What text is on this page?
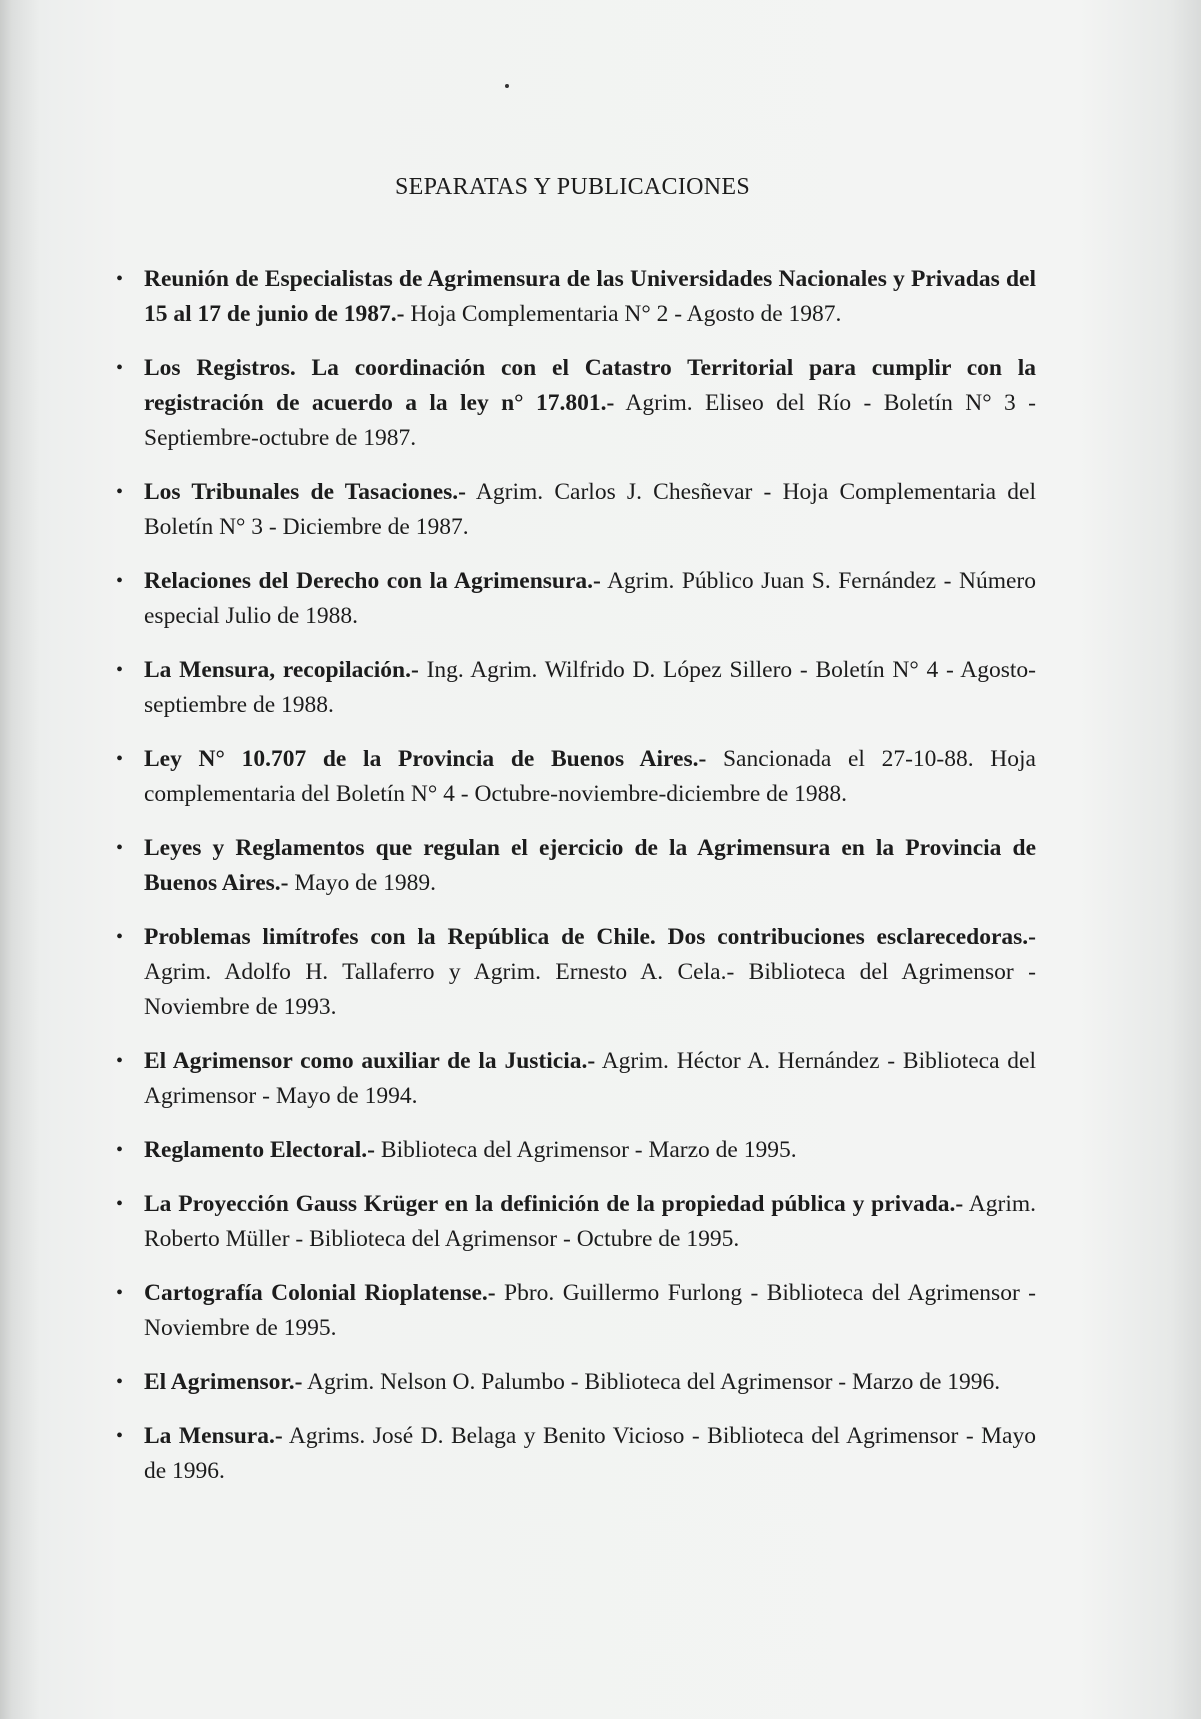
SEPARATAS Y PUBLICACIONES
• Reunión de Especialistas de Agrimensura de las Universidades Nacionales y Privadas del 15 al 17 de junio de 1987.- Hoja Complementaria N° 2 - Agosto de 1987.
• Los Registros. La coordinación con el Catastro Territorial para cumplir con la registración de acuerdo a la ley n° 17.801.- Agrim. Eliseo del Río - Boletín N° 3 - Septiembre-octubre de 1987.
• Los Tribunales de Tasaciones.- Agrim. Carlos J. Chesñevar - Hoja Complementaria del Boletín N° 3 - Diciembre de 1987.
• Relaciones del Derecho con la Agrimensura.- Agrim. Público Juan S. Fernández - Número especial Julio de 1988.
• La Mensura, recopilación.- Ing. Agrim. Wilfrido D. López Sillero - Boletín N° 4 - Agosto-septiembre de 1988.
• Ley N° 10.707 de la Provincia de Buenos Aires.- Sancionada el 27-10-88. Hoja complementaria del Boletín N° 4 - Octubre-noviembre-diciembre de 1988.
• Leyes y Reglamentos que regulan el ejercicio de la Agrimensura en la Provincia de Buenos Aires.- Mayo de 1989.
• Problemas limítrofes con la República de Chile. Dos contribuciones esclarecedoras.- Agrim. Adolfo H. Tallaferro y Agrim. Ernesto A. Cela.- Biblioteca del Agrimensor - Noviembre de 1993.
• El Agrimensor como auxiliar de la Justicia.- Agrim. Héctor A. Hernández - Biblioteca del Agrimensor - Mayo de 1994.
• Reglamento Electoral.- Biblioteca del Agrimensor - Marzo de 1995.
• La Proyección Gauss Krüger en la definición de la propiedad pública y privada.- Agrim. Roberto Müller - Biblioteca del Agrimensor - Octubre de 1995.
• Cartografía Colonial Rioplatense.- Pbro. Guillermo Furlong - Biblioteca del Agrimensor - Noviembre de 1995.
• El Agrimensor.- Agrim. Nelson O. Palumbo - Biblioteca del Agrimensor - Marzo de 1996.
• La Mensura.- Agrims. José D. Belaga y Benito Vicioso - Biblioteca del Agrimensor - Mayo de 1996.
